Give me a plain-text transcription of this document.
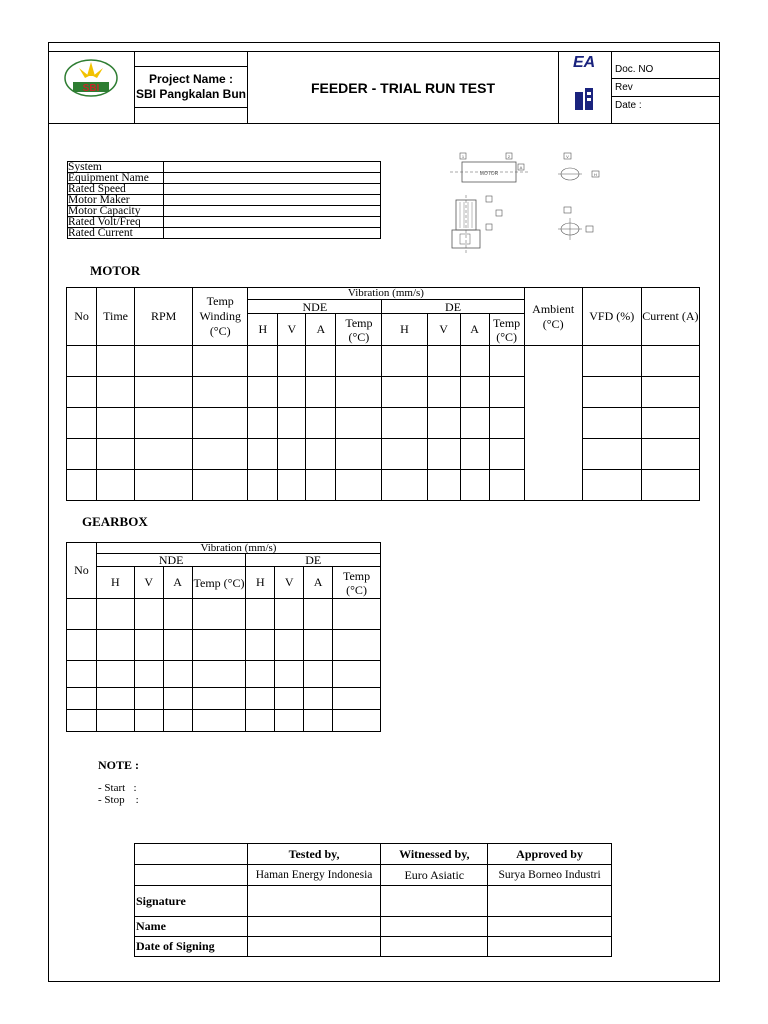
SBI

Project Name :
SBI Pangkalan Bun	FEEDER - TRIAL RUN TEST	
EA	Doc. NO
Rev
Date :
System	
Equipment Name	
Rated Speed	
Motor Maker	
Motor Capacity	
Rated Volt/Freq	
Rated Current	
MOTOR
1	2
A
V
H
MOTOR
No	Time	RPM	Temp Winding (°C)	Vibration (mm/s)								Ambient (°C)	VFD (%)	Current (A)
				NDE				DE						
				H	V	A	Temp (°C)	H	V	A	Temp (°C)			

GEARBOX
No	Vibration (mm/s)							
	NDE				DE			
	H	V	A	Temp (°C)	H	V	A	Temp (°C)

NOTE :
- Start   :
- Stop    :
	Tested by,	Witnessed by,	Approved by
	Haman Energy Indonesia	Euro Asiatic	Surya Borneo Industri
Signature			
Name			
Date of Signing			
